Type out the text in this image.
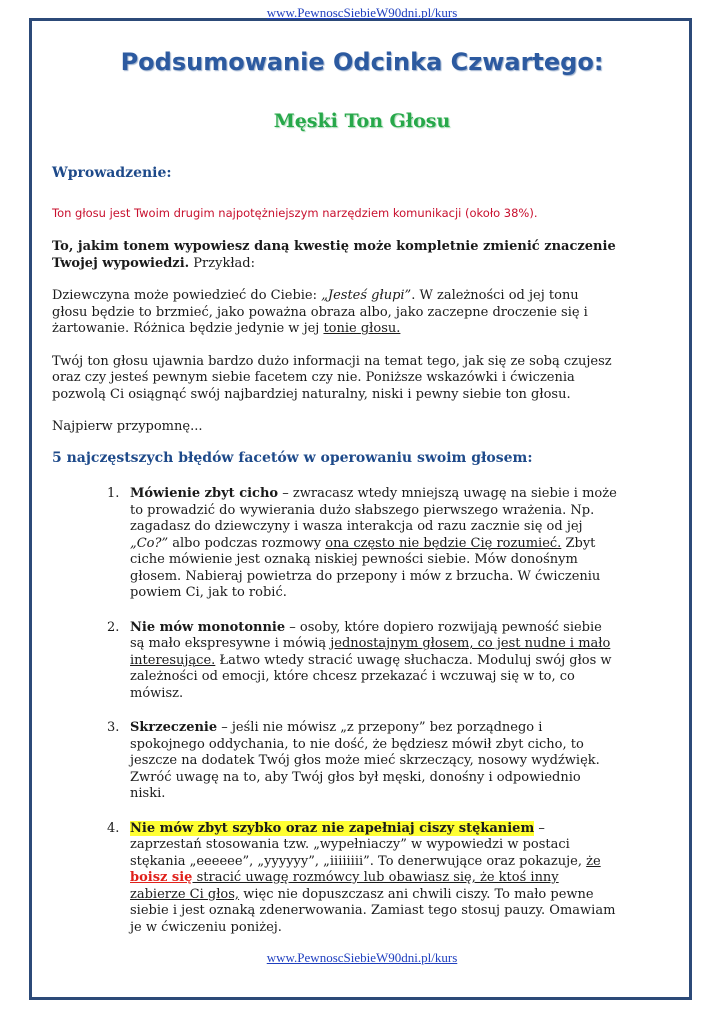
www.PewnoscSiebieW90dni.pl/kurs
Podsumowanie Odcinka Czwartego:
Męski Ton Głosu
Wprowadzenie:

Ton głosu jest Twoim drugim najpotężniejszym narzędziem komunikacji (około 38%).

To, jakim tonem wypowiesz daną kwestię może kompletnie zmienić znaczenie Twojej wypowiedzi. Przykład:

Dziewczyna może powiedzieć do Ciebie: „Jesteś głupi”. W zależności od jej tonu głosu będzie to brzmieć, jako poważna obraza albo, jako zaczepne droczenie się i żartowanie. Różnica będzie jedynie w jej tonie głosu.

Twój ton głosu ujawnia bardzo dużo informacji na temat tego, jak się ze sobą czujesz oraz czy jesteś pewnym siebie facetem czy nie. Poniższe wskazówki i ćwiczenia pozwolą Ci osiągnąć swój najbardziej naturalny, niski i pewny siebie ton głosu.

Najpierw przypomnę...

5 najczęstszych błędów facetów w operowaniu swoim głosem:
1. Mówienie zbyt cicho – zwracasz wtedy mniejszą uwagę na siebie i może to prowadzić do wywierania dużo słabszego pierwszego wrażenia. Np. zagadasz do dziewczyny i wasza interakcja od razu zacznie się od jej „Co?” albo podczas rozmowy ona często nie będzie Cię rozumieć. Zbyt ciche mówienie jest oznaką niskiej pewności siebie. Mów donośnym głosem. Nabieraj powietrza do przepony i mów z brzucha. W ćwiczeniu powiem Ci, jak to robić.
2. Nie mów monotonnie – osoby, które dopiero rozwijają pewność siebie są mało ekspresywne i mówią jednostajnym głosem, co jest nudne i mało interesujące. Łatwo wtedy stracić uwagę słuchacza. Moduluj swój głos w zależności od emocji, które chcesz przekazać i wczuwaj się w to, co mówisz.
3. Skrzeczenie – jeśli nie mówisz „z przepony” bez porządnego i spokojnego oddychania, to nie dość, że będziesz mówił zbyt cicho, to jeszcze na dodatek Twój głos może mieć skrzeczący, nosowy wydźwięk. Zwróć uwagę na to, aby Twój głos był męski, donośny i odpowiednio niski.
4. Nie mów zbyt szybko oraz nie zapełniaj ciszy stękaniem – zaprzestań stosowania tzw. „wypełniaczy” w wypowiedzi w postaci stękania „eeeeee”, „yyyyyy”, „iiiiiiii”. To denerwujące oraz pokazuje, że boisz się stracić uwagę rozmówcy lub obawiasz się, że ktoś inny zabierze Ci głos, więc nie dopuszczasz ani chwili ciszy. To mało pewne siebie i jest oznaką zdenerwowania. Zamiast tego stosuj pauzy. Omawiam je w ćwiczeniu poniżej.
www.PewnoscSiebieW90dni.pl/kurs
